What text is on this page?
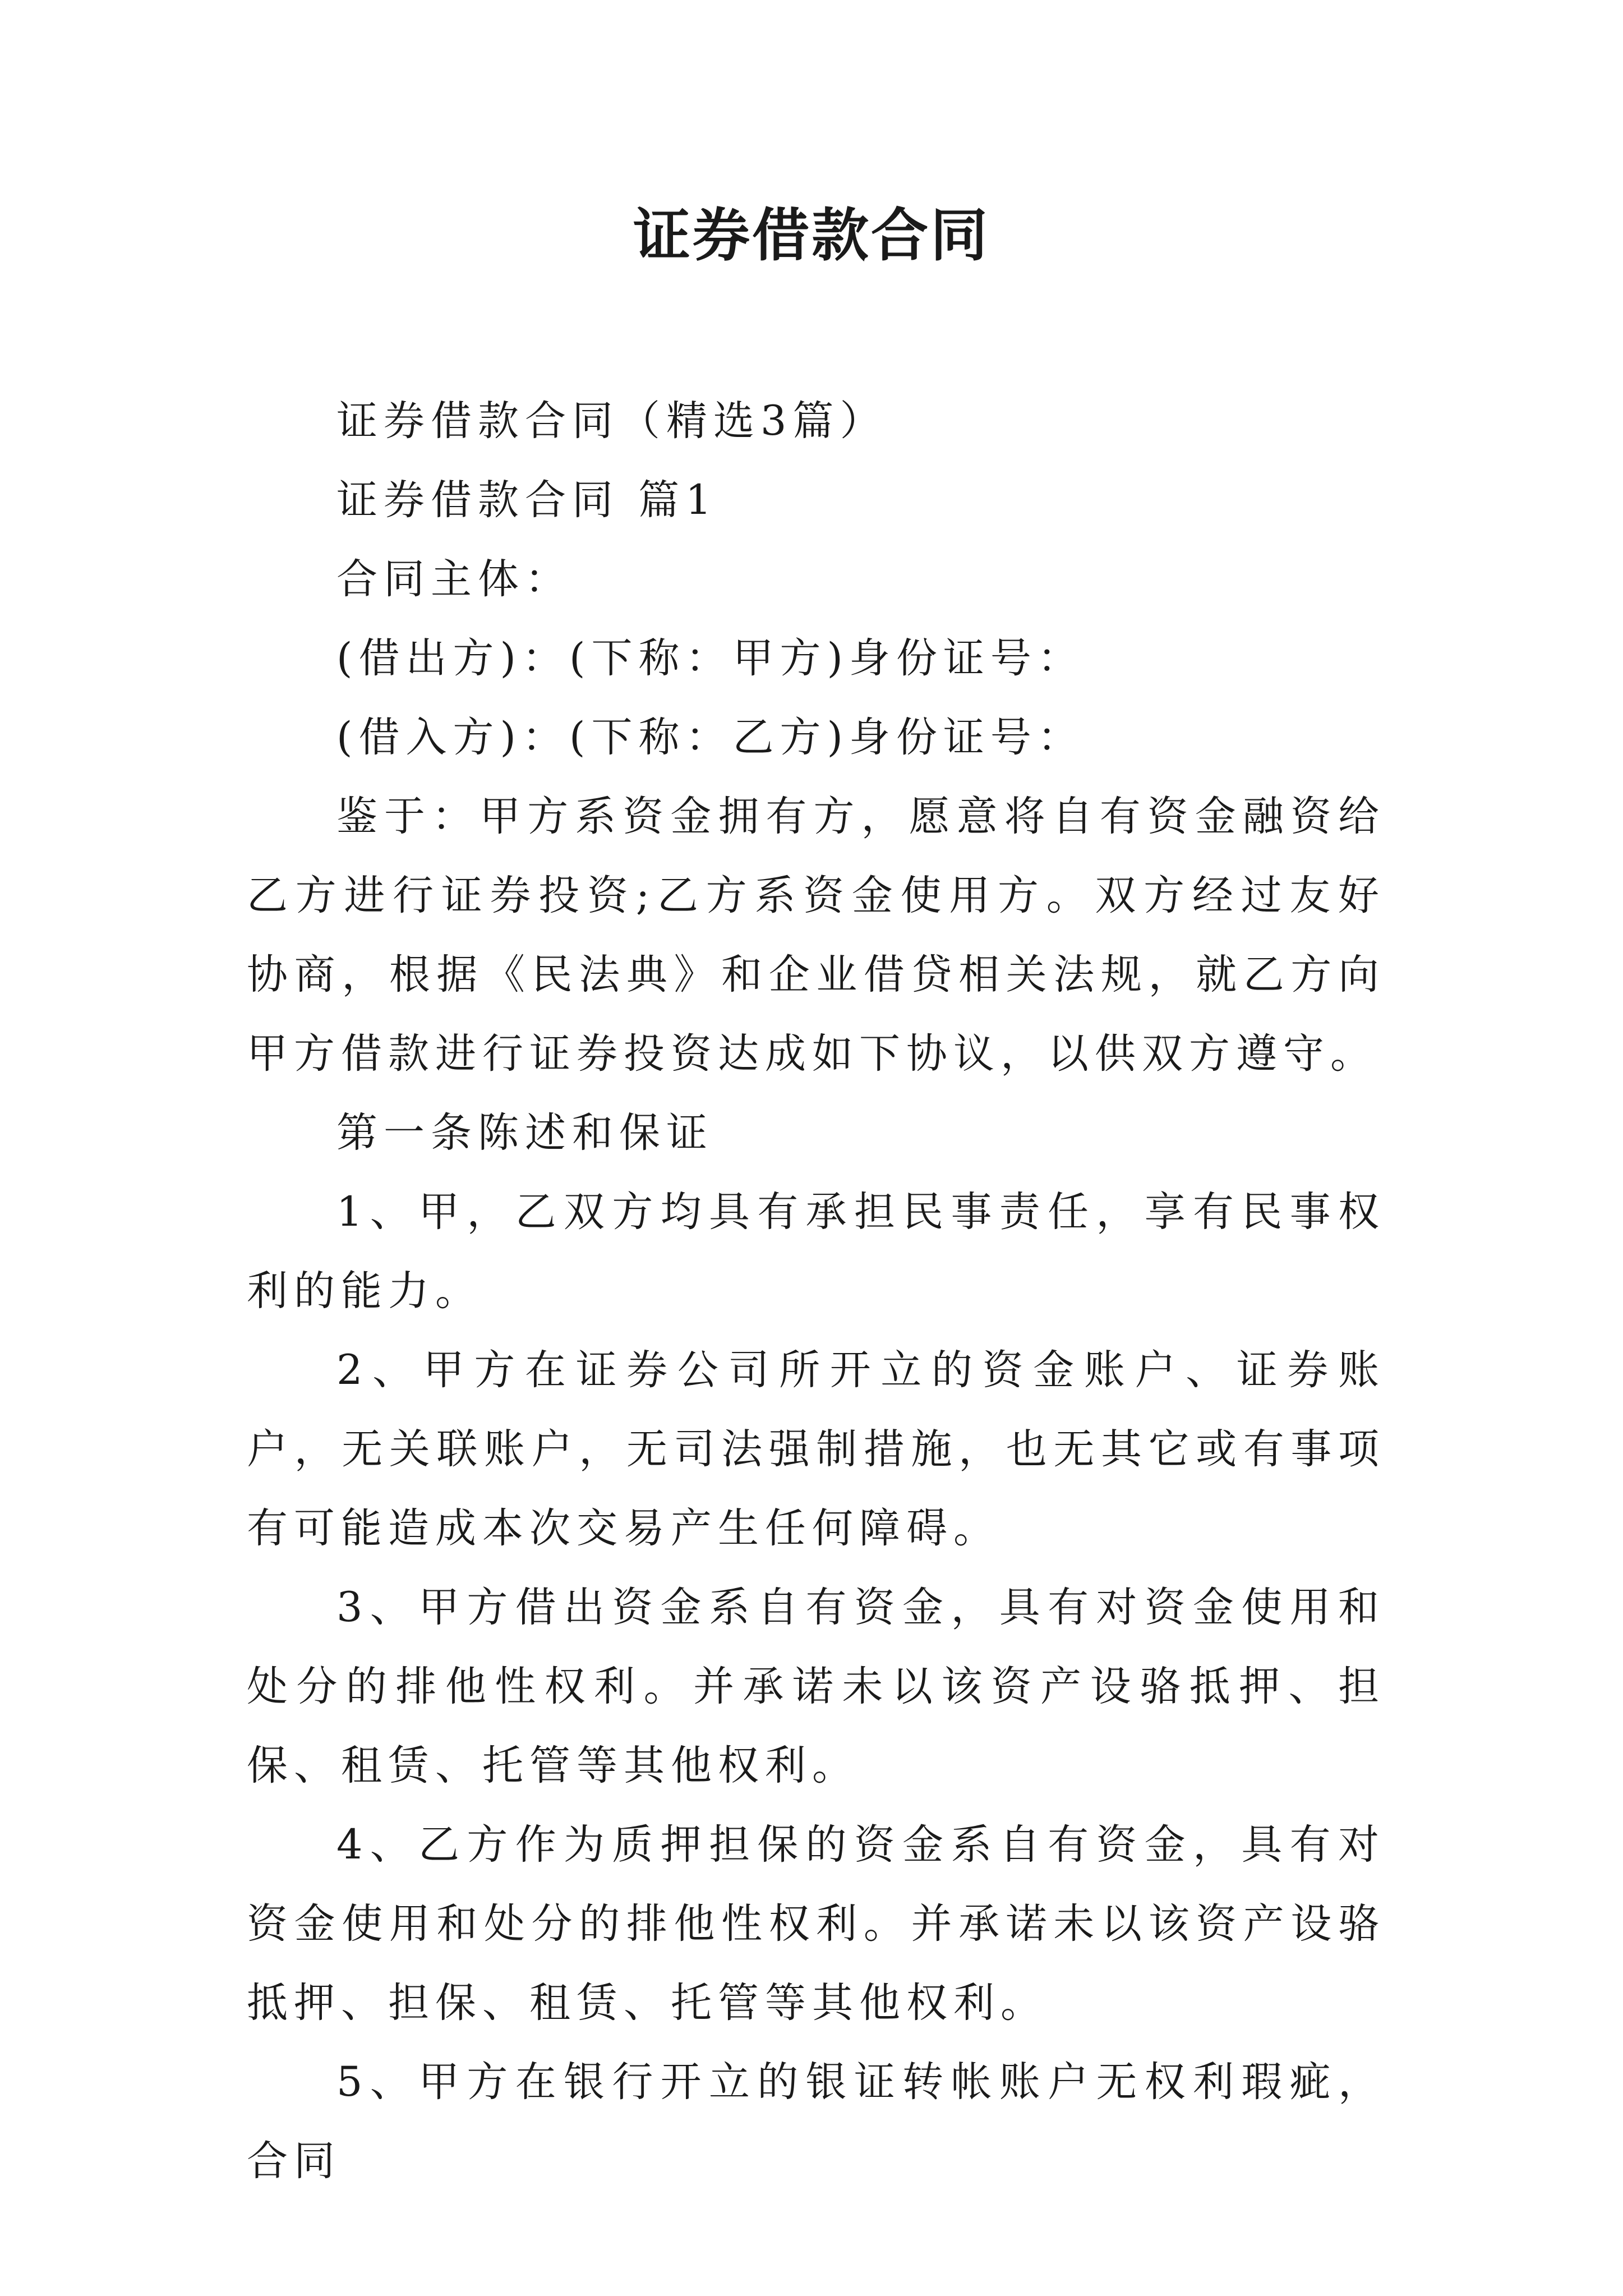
证券借款合同

证券借款合同（精选3篇）

证券借款合同 篇1

合同主体：

(借出方)：(下称：甲方)身份证号：

(借入方)：(下称：乙方)身份证号：

鉴于：甲方系资金拥有方，愿意将自有资金融资给乙方进行证券投资;乙方系资金使用方。双方经过友好协商，根据《民法典》和企业借贷相关法规，就乙方向甲方借款进行证券投资达成如下协议，以供双方遵守。

第一条陈述和保证

1、甲，乙双方均具有承担民事责任，享有民事权利的能力。

2、甲方在证券公司所开立的资金账户、证券账户，无关联账户，无司法强制措施，也无其它或有事项有可能造成本次交易产生任何障碍。

3、甲方借出资金系自有资金，具有对资金使用和处分的排他性权利。并承诺未以该资产设骆抵押、担保、租赁、托管等其他权利。

4、乙方作为质押担保的资金系自有资金，具有对资金使用和处分的排他性权利。并承诺未以该资产设骆抵押、担保、租赁、托管等其他权利。

5、甲方在银行开立的银证转帐账户无权利瑕疵，合同
